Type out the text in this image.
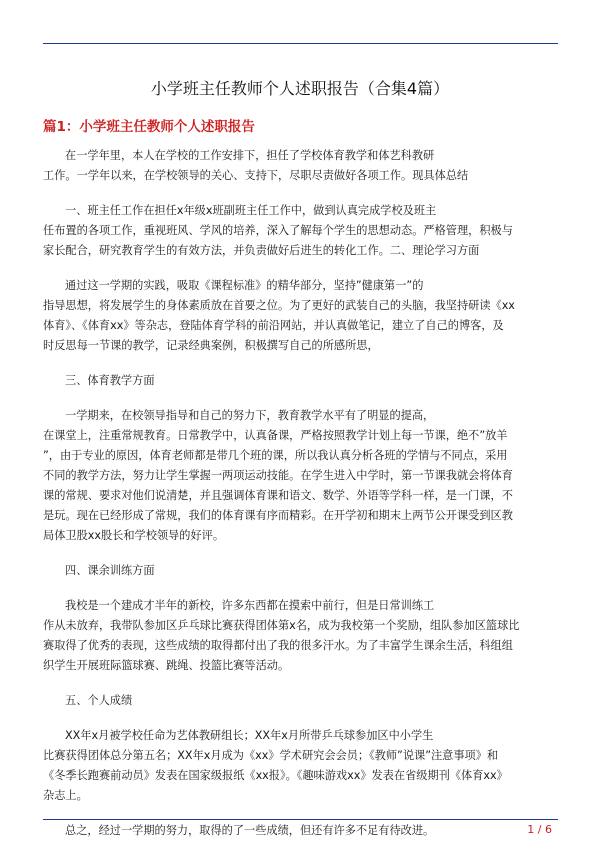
小学班主任教师个人述职报告（合集4篇）
篇1：小学班主任教师个人述职报告

在一学年里，本人在学校的工作安排下，担任了学校体育教学和体艺科教研
工作。一学年以来，在学校领导的关心、支持下，尽职尽责做好各项工作。现具体总结

一、班主任工作在担任x年级x班副班主任工作中，做到认真完成学校及班主
任布置的各项工作，重视班风、学风的培养，深入了解每个学生的思想动态。严格管理，积极与
家长配合，研究教育学生的有效方法，并负责做好后进生的转化工作。二、理论学习方面

通过这一学期的实践，吸取《课程标准》的精华部分，坚持”健康第一”的
指导思想，将发展学生的身体素质放在首要之位。为了更好的武装自己的头脑，我坚持研读《xx
体育》、《体育xx》等杂志，登陆体育学科的前沿网站，并认真做笔记，建立了自己的博客，及
时反思每一节课的教学，记录经典案例，积极撰写自己的所感所思，

三、体育教学方面

一学期来，在校领导指导和自己的努力下，教育教学水平有了明显的提高，
在课堂上，注重常规教育。日常教学中，认真备课，严格按照教学计划上每一节课，绝不”放羊
”，由于专业的原因，体育老师都是带几个班的课，所以我认真分析各班的学情与不同点，采用
不同的教学方法，努力让学生掌握一两项运动技能。在学生进入中学时，第一节课我就会将体育
课的常规、要求对他们说清楚，并且强调体育课和语文、数学、外语等学科一样，是一门课，不
是玩。现在已经形成了常规，我们的体育课有序而精彩。在开学初和期末上两节公开课受到区教
局体卫股xx股长和学校领导的好评。

四、课余训练方面

我校是一个建成才半年的新校，许多东西都在摸索中前行，但是日常训练工
作从未放弃，我带队参加区乒乓球比赛获得团体第x名，成为我校第一个奖励，组队参加区篮球比
赛取得了优秀的表现，这些成绩的取得都付出了我的很多汗水。为了丰富学生课余生活，科组组
织学生开展班际篮球赛、跳绳、投篮比赛等活动。

五、个人成绩

XX年x月被学校任命为艺体教研组长；XX年x月所带乒乓球参加区中小学生
比赛获得团体总分第五名；XX年x月成为《xx》学术研究会会员；《教师”说课”注意事项》和
《冬季长跑赛前动员》发表在国家级报纸《xx报》。《趣味游戏xx》发表在省级期刊《体育xx》
杂志上。

总之，经过一学期的努力，取得的了一些成绩，但还有许多不足有待改进。	1 / 6
